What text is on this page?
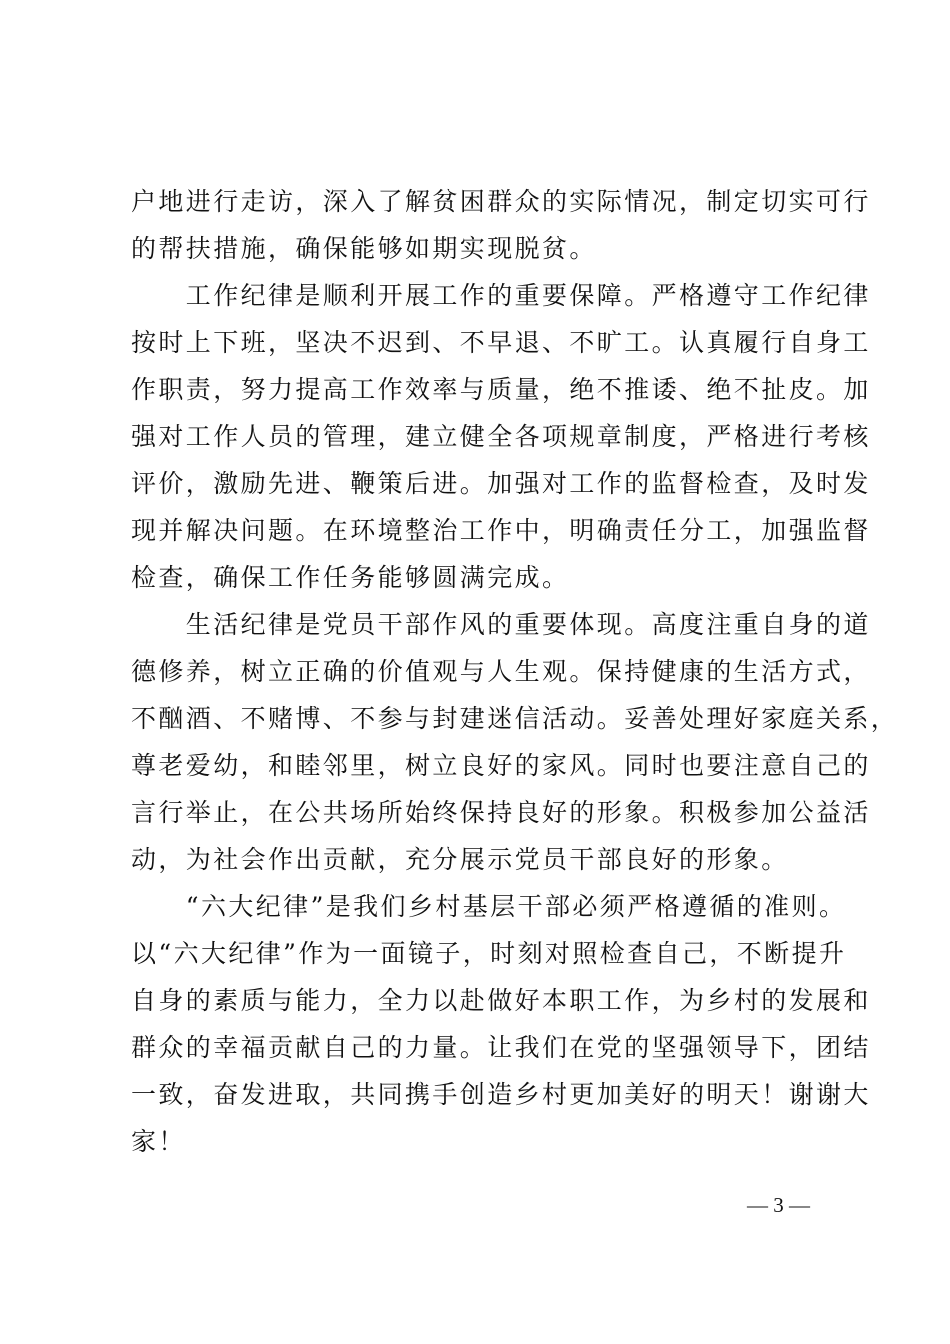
户地进行走访，深入了解贫困群众的实际情况，制定切实可行
的帮扶措施，确保能够如期实现脱贫。
　　工作纪律是顺利开展工作的重要保障。严格遵守工作纪律
按时上下班，坚决不迟到、不早退、不旷工。认真履行自身工
作职责，努力提高工作效率与质量，绝不推诿、绝不扯皮。加
强对工作人员的管理，建立健全各项规章制度，严格进行考核
评价，激励先进、鞭策后进。加强对工作的监督检查，及时发
现并解决问题。在环境整治工作中，明确责任分工，加强监督
检查，确保工作任务能够圆满完成。
　　生活纪律是党员干部作风的重要体现。高度注重自身的道
德修养，树立正确的价值观与人生观。保持健康的生活方式，
不酗酒、不赌博、不参与封建迷信活动。妥善处理好家庭关系，
尊老爱幼，和睦邻里，树立良好的家风。同时也要注意自己的
言行举止，在公共场所始终保持良好的形象。积极参加公益活
动，为社会作出贡献，充分展示党员干部良好的形象。
　　“六大纪律”是我们乡村基层干部必须严格遵循的准则。
以“六大纪律”作为一面镜子，时刻对照检查自己，不断提升
自身的素质与能力，全力以赴做好本职工作，为乡村的发展和
群众的幸福贡献自己的力量。让我们在党的坚强领导下，团结
一致，奋发进取，共同携手创造乡村更加美好的明天！谢谢大
家！
— 3 —
